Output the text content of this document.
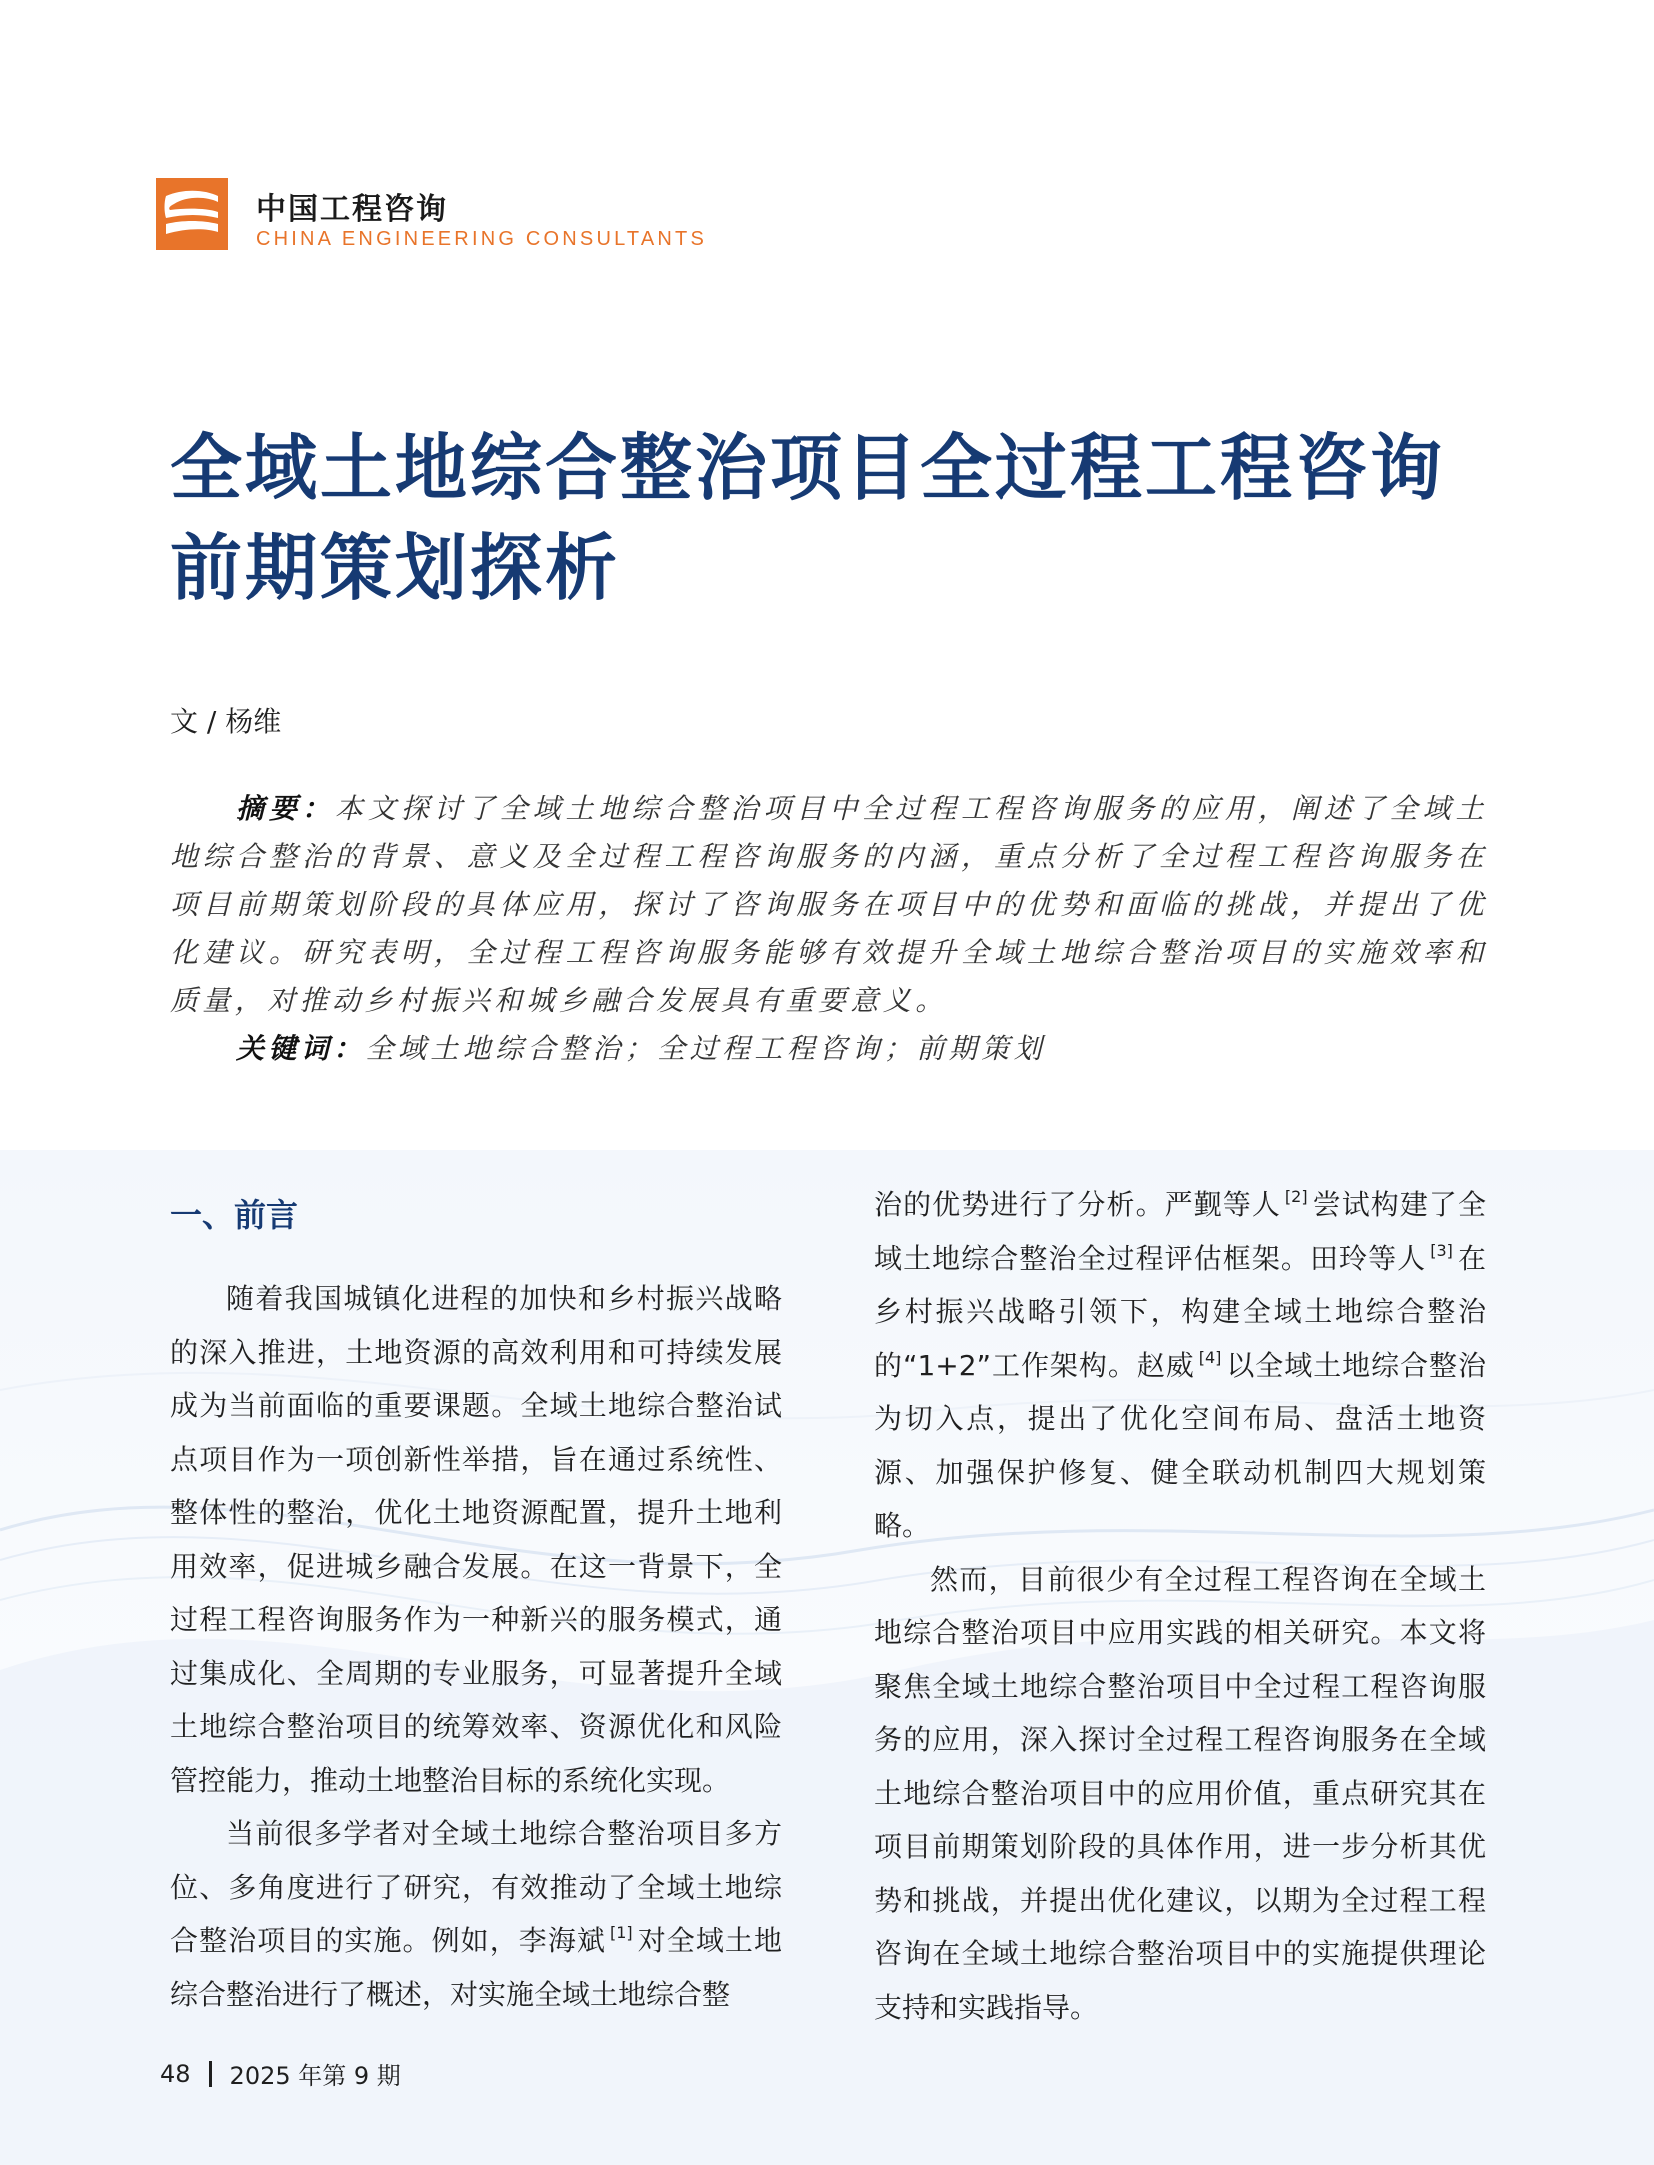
中国工程咨询
CHINA ENGINEERING CONSULTANTS
全域土地综合整治项目全过程工程咨询
前期策划探析
文 / 杨维

摘要：本文探讨了全域土地综合整治项目中全过程工程咨询服务的应用，阐述了全域土地综合整治的背景、意义及全过程工程咨询服务的内涵，重点分析了全过程工程咨询服务在项目前期策划阶段的具体应用，探讨了咨询服务在项目中的优势和面临的挑战，并提出了优化建议。研究表明，全过程工程咨询服务能够有效提升全域土地综合整治项目的实施效率和质量，对推动乡村振兴和城乡融合发展具有重要意义。

关键词：全域土地综合整治；全过程工程咨询；前期策划

一、前言

随着我国城镇化进程的加快和乡村振兴战略的深入推进，土地资源的高效利用和可持续发展成为当前面临的重要课题。全域土地综合整治试点项目作为一项创新性举措，旨在通过系统性、整体性的整治，优化土地资源配置，提升土地利用效率，促进城乡融合发展。在这一背景下，全过程工程咨询服务作为一种新兴的服务模式，通过集成化、全周期的专业服务，可显著提升全域土地综合整治项目的统筹效率、资源优化和风险管控能力，推动土地整治目标的系统化实现。

当前很多学者对全域土地综合整治项目多方位、多角度进行了研究，有效推动了全域土地综合整治项目的实施。例如，李海斌 [1] 对全域土地综合整治进行了概述，对实施全域土地综合整

治的优势进行了分析。严觐等人 [2] 尝试构建了全域土地综合整治全过程评估框架。田玲等人 [3] 在乡村振兴战略引领下，构建全域土地综合整治的“1+2”工作架构。赵威 [4] 以全域土地综合整治为切入点，提出了优化空间布局、盘活土地资源、加强保护修复、健全联动机制四大规划策略。

然而，目前很少有全过程工程咨询在全域土地综合整治项目中应用实践的相关研究。本文将聚焦全域土地综合整治项目中全过程工程咨询服务的应用，深入探讨全过程工程咨询服务在全域土地综合整治项目中的应用价值，重点研究其在项目前期策划阶段的具体作用，进一步分析其优势和挑战，并提出优化建议，以期为全过程工程咨询在全域土地综合整治项目中的实施提供理论支持和实践指导。

48 2025 年第 9 期
